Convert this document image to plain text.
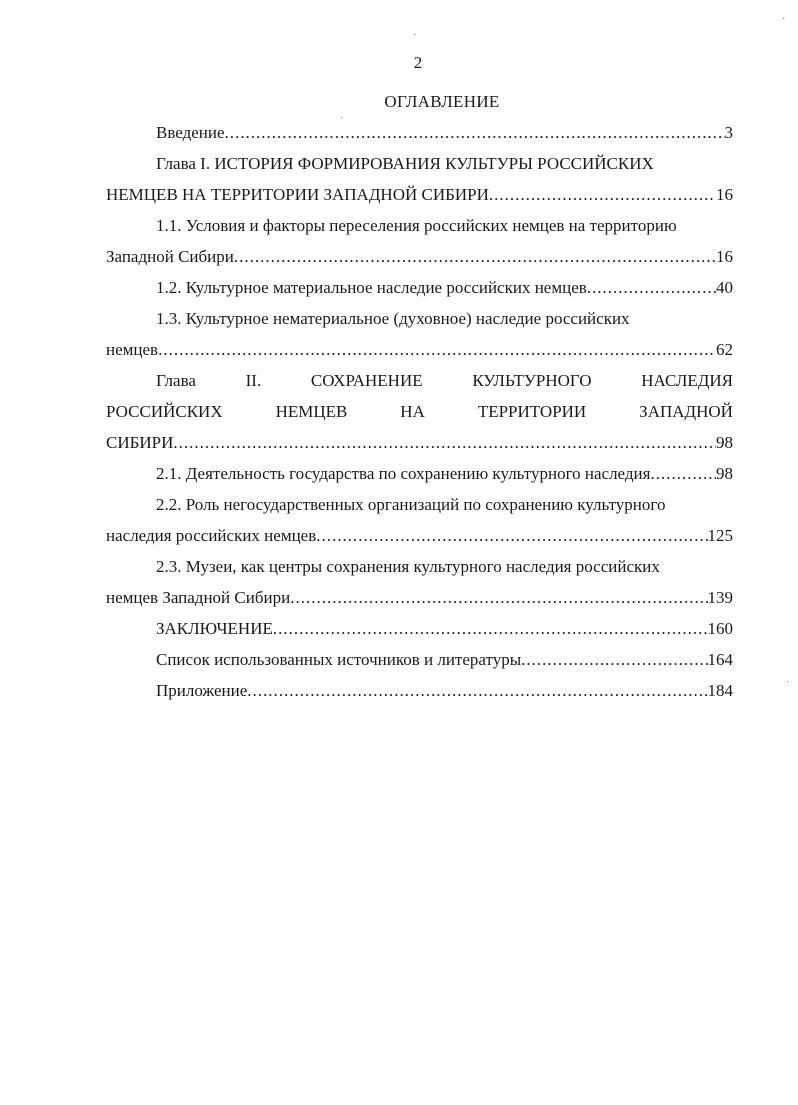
2
ОГЛАВЛЕНИЕ
Введение .....	3
Глава I. ИСТОРИЯ ФОРМИРОВАНИЯ КУЛЬТУРЫ РОССИЙСКИХ
НЕМЦЕВ НА ТЕРРИТОРИИ ЗАПАДНОЙ СИБИРИ .....	16
1.1. Условия и факторы переселения российских немцев на территорию
Западной Сибири .....	16
1.2. Культурное материальное наследие российских немцев .....	40
1.3. Культурное нематериальное (духовное) наследие российских
немцев .....	62
Глава	II.	СОХРАНЕНИЕ	КУЛЬТУРНОГО	НАСЛЕДИЯ
РОССИЙСКИХ	НЕМЦЕВ	НА	ТЕРРИТОРИИ	ЗАПАДНОЙ
СИБИРИ .....	98
2.1. Деятельность государства по сохранению культурного наследия .....	98
2.2. Роль негосударственных организаций по сохранению культурного
наследия российских немцев .....	125
2.3. Музеи, как центры сохранения культурного наследия российских
немцев Западной Сибири .....	139
ЗАКЛЮЧЕНИЕ .....	160
Список использованных источников и литературы .....	164
Приложение .....	184
·
·
ˏ
ˏ
